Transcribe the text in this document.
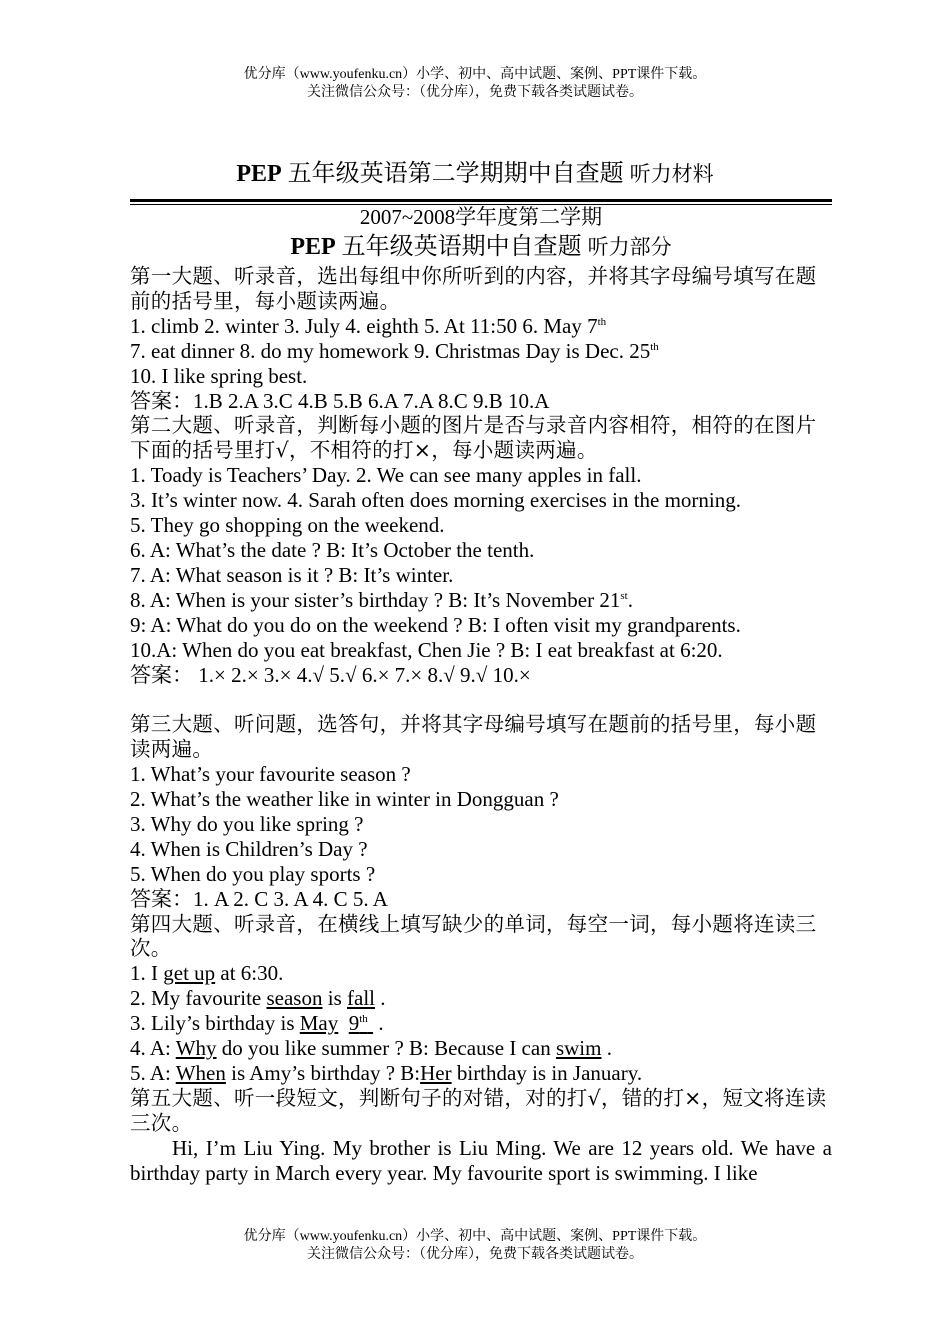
优分库（www.youfenku.cn）小学、初中、高中试题、案例、PPT课件下载。
关注微信公众号：（优分库），免费下载各类试题试卷。
PEP 五年级英语第二学期期中自查题 听力材料
2007~2008学年度第二学期
PEP 五年级英语期中自查题 听力部分
第一大题、听录音，选出每组中你所听到的内容，并将其字母编号填写在题前的括号里，每小题读两遍。
1. climb 2. winter 3. July 4. eighth 5. At 11:50 6. May 7th
7. eat dinner 8. do my homework 9. Christmas Day is Dec. 25th
10. I like spring best.
答案：1.B 2.A 3.C 4.B 5.B 6.A 7.A 8.C 9.B 10.A
第二大题、听录音，判断每小题的图片是否与录音内容相符，相符的在图片下面的括号里打√，不相符的打×，每小题读两遍。
1. Toady is Teachers’ Day. 2. We can see many apples in fall.
3. It’s winter now. 4. Sarah often does morning exercises in the morning.
5. They go shopping on the weekend.
6. A: What’s the date ? B: It’s October the tenth.
7. A: What season is it ? B: It’s winter.
8. A: When is your sister’s birthday ? B: It’s November 21st.
9: A: What do you do on the weekend ? B: I often visit my grandparents.
10.A: When do you eat breakfast, Chen Jie ? B: I eat breakfast at 6:20.
答案： 1.× 2.× 3.× 4.√ 5.√ 6.× 7.× 8.√ 9.√ 10.×
第三大题、听问题，选答句，并将其字母编号填写在题前的括号里，每小题读两遍。
1. What’s your favourite season ?
2. What’s the weather like in winter in Dongguan ?
3. Why do you like spring ?
4. When is Children’s Day ?
5. When do you play sports ?
答案：1. A 2. C 3. A 4. C 5. A
第四大题、听录音，在横线上填写缺少的单词，每空一词，每小题将连读三次。
1. I get up at 6:30.
2. My favourite season is fall .
3. Lily’s birthday is May 9th  .
4. A: Why do you like summer ? B: Because I can swim .
5. A: When is Amy’s birthday ? B:Her birthday is in January.
第五大题、听一段短文，判断句子的对错，对的打√，错的打×，短文将连读三次。
Hi, I’m Liu Ying. My brother is Liu Ming. We are 12 years old. We have a birthday party in March every year. My favourite sport is swimming. I like
优分库（www.youfenku.cn）小学、初中、高中试题、案例、PPT课件下载。
关注微信公众号：（优分库），免费下载各类试题试卷。
